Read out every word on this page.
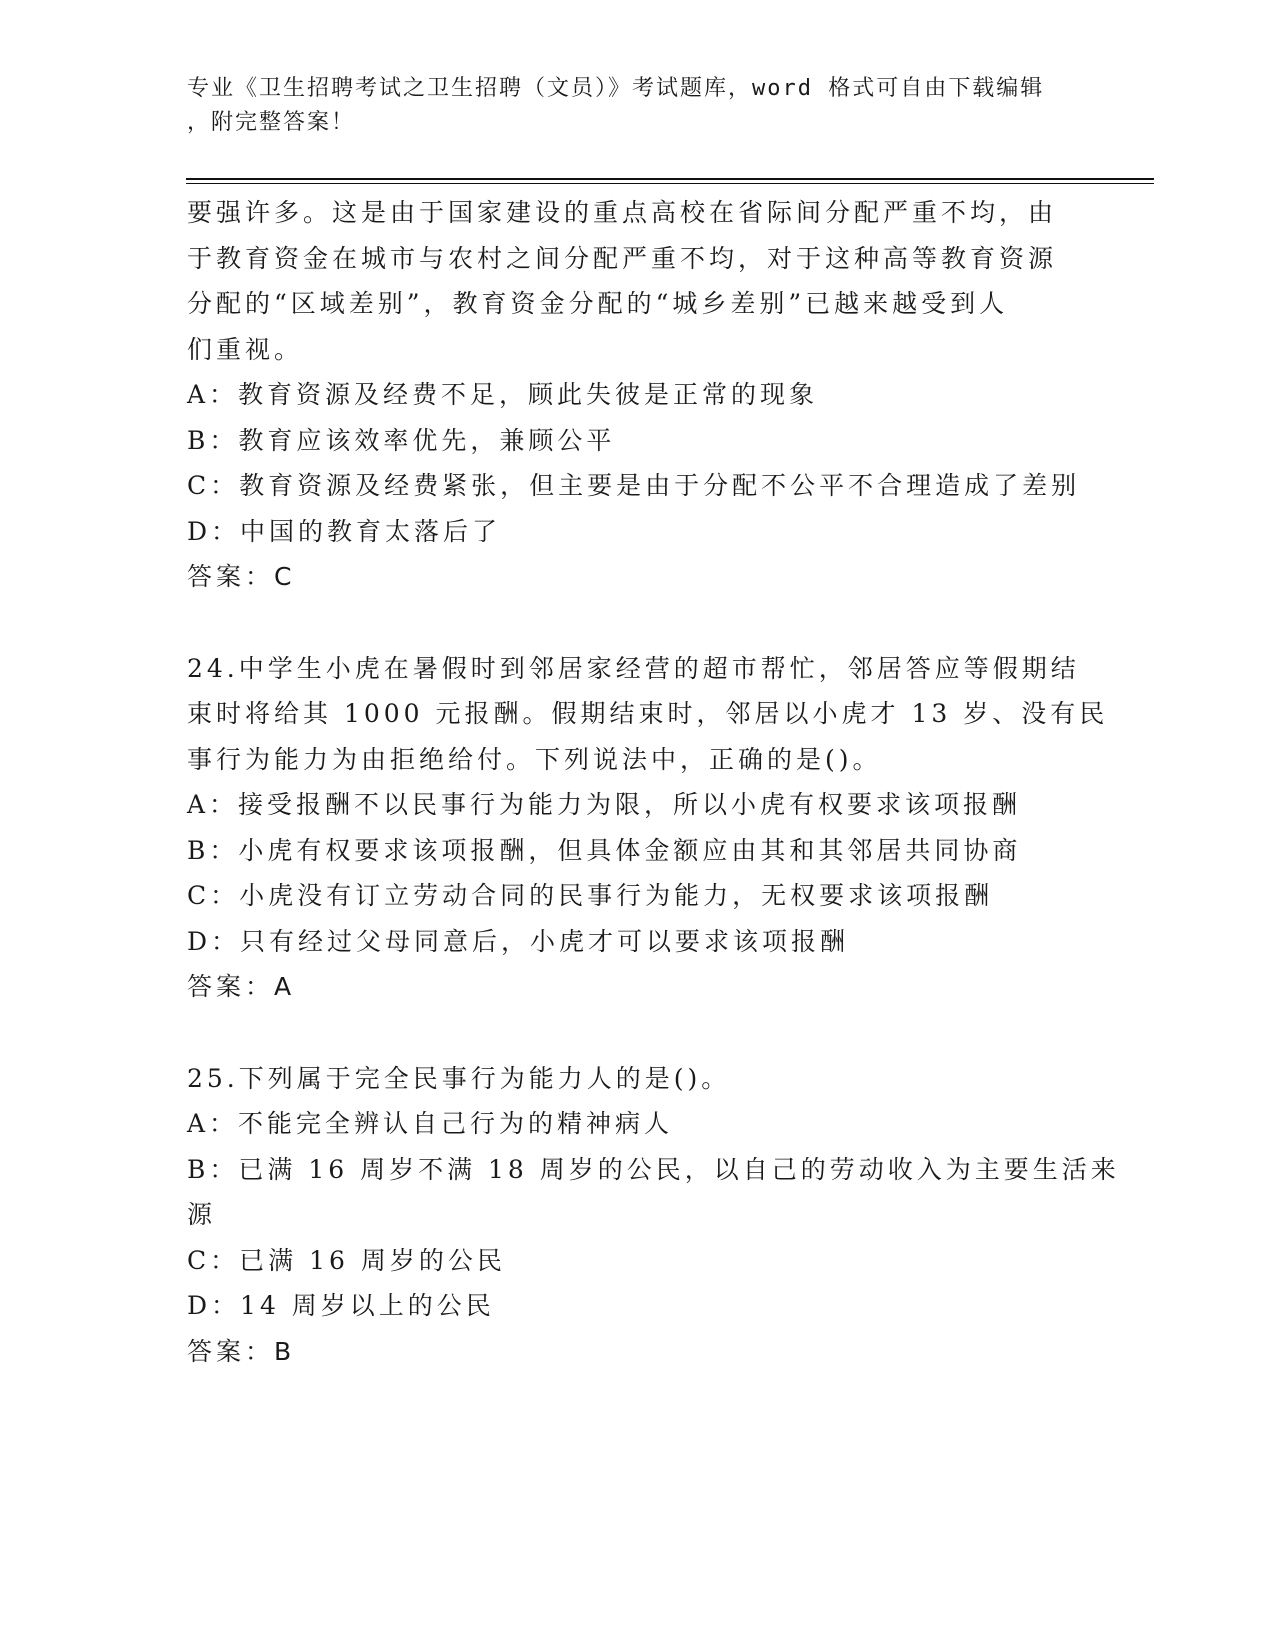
专业《卫生招聘考试之卫生招聘（文员）》考试题库，word 格式可自由下载编辑
，附完整答案！
要强许多。这是由于国家建设的重点高校在省际间分配严重不均，由
于教育资金在城市与农村之间分配严重不均，对于这种高等教育资源
分配的“区域差别”，教育资金分配的“城乡差别”已越来越受到人
们重视。
A：教育资源及经费不足，顾此失彼是正常的现象
B：教育应该效率优先，兼顾公平
C：教育资源及经费紧张，但主要是由于分配不公平不合理造成了差别
D：中国的教育太落后了
答案：C
24.中学生小虎在暑假时到邻居家经营的超市帮忙，邻居答应等假期结
束时将给其 1000 元报酬。假期结束时，邻居以小虎才 13 岁、没有民
事行为能力为由拒绝给付。下列说法中，正确的是()。
A：接受报酬不以民事行为能力为限，所以小虎有权要求该项报酬
B：小虎有权要求该项报酬，但具体金额应由其和其邻居共同协商
C：小虎没有订立劳动合同的民事行为能力，无权要求该项报酬
D：只有经过父母同意后，小虎才可以要求该项报酬
答案：A
25.下列属于完全民事行为能力人的是()。
A：不能完全辨认自己行为的精神病人
B：已满 16 周岁不满 18 周岁的公民，以自己的劳动收入为主要生活来
源
C：已满 16 周岁的公民
D：14 周岁以上的公民
答案：B
